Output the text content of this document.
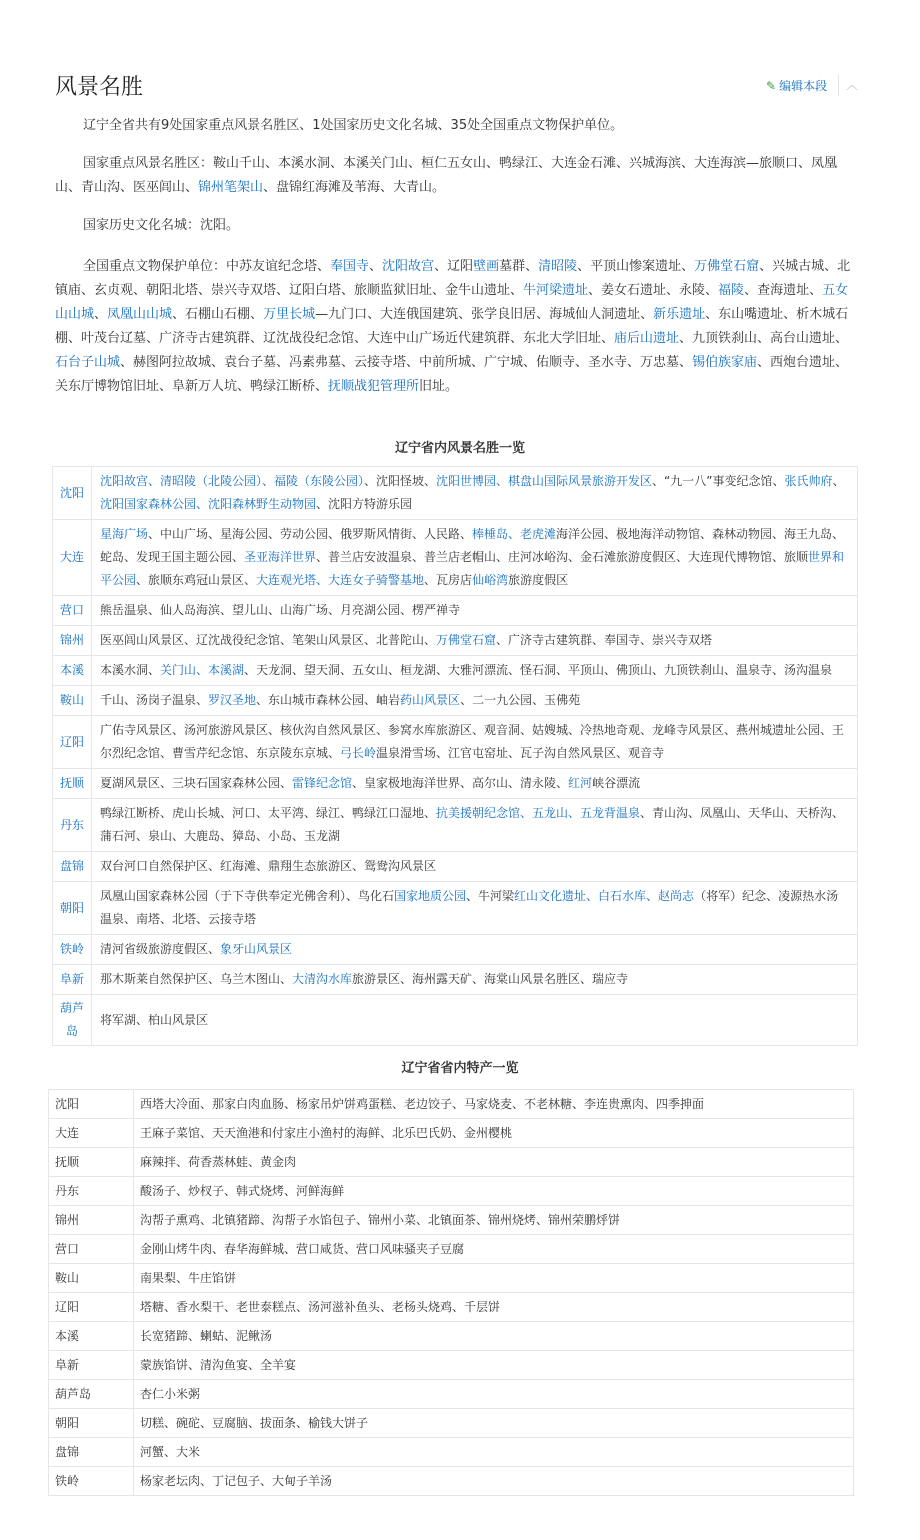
风景名胜	✎ 编辑本段 ︿
辽宁全省共有9处国家重点风景名胜区、1处国家历史文化名城、35处全国重点文物保护单位。
国家重点风景名胜区：鞍山千山、本溪水洞、本溪关门山、桓仁五女山、鸭绿江、大连金石滩、兴城海滨、大连海滨—旅顺口、凤凰山、青山沟、医巫闾山、锦州笔架山、盘锦红海滩及苇海、大青山。
国家历史文化名城：沈阳。
全国重点文物保护单位：中苏友谊纪念塔、奉国寺、沈阳故宫、辽阳壁画墓群、清昭陵、平顶山惨案遗址、万佛堂石窟、兴城古城、北镇庙、玄贞观、朝阳北塔、崇兴寺双塔、辽阳白塔、旅顺监狱旧址、金牛山遗址、牛河梁遗址、姜女石遗址、永陵、福陵、查海遗址、五女山山城、凤凰山山城、石棚山石棚、万里长城—九门口、大连俄国建筑、张学良旧居、海城仙人洞遗址、新乐遗址、东山嘴遗址、析木城石棚、叶茂台辽墓、广济寺古建筑群、辽沈战役纪念馆、大连中山广场近代建筑群、东北大学旧址、庙后山遗址、九顶铁刹山、高台山遗址、石台子山城、赫图阿拉故城、袁台子墓、冯素弗墓、云接寺塔、中前所城、广宁城、佑顺寺、圣水寺、万忠墓、锡伯族家庙、西炮台遗址、关东厅博物馆旧址、阜新万人坑、鸭绿江断桥、抚顺战犯管理所旧址。
辽宁省内风景名胜一览
沈阳	沈阳故宫、清昭陵（北陵公园）、福陵（东陵公园）、沈阳怪坡、沈阳世博园、棋盘山国际风景旅游开发区、“九一八”事变纪念馆、张氏帅府、沈阳国家森林公园、沈阳森林野生动物园、沈阳方特游乐园
大连	星海广场、中山广场、星海公园、劳动公园、俄罗斯风情街、人民路、棒棰岛、老虎滩海洋公园、极地海洋动物馆、森林动物园、海王九岛、蛇岛、发现王国主题公园、圣亚海洋世界、普兰店安波温泉、普兰店老帽山、庄河冰峪沟、金石滩旅游度假区、大连现代博物馆、旅顺世界和平公园、旅顺东鸡冠山景区、大连观光塔、大连女子骑警基地、瓦房店仙峪湾旅游度假区
营口	熊岳温泉、仙人岛海滨、望儿山、山海广场、月亮湖公园、楞严禅寺
锦州	医巫闾山风景区、辽沈战役纪念馆、笔架山风景区、北普陀山、万佛堂石窟、广济寺古建筑群、奉国寺、崇兴寺双塔
本溪	本溪水洞、关门山、本溪湖、天龙洞、望天洞、五女山、桓龙湖、大雅河漂流、怪石洞、平顶山、佛顶山、九顶铁刹山、温泉寺、汤沟温泉
鞍山	千山、汤岗子温泉、罗汉圣地、东山城市森林公园、岫岩药山风景区、二一九公园、玉佛苑
辽阳	广佑寺风景区、汤河旅游风景区、核伙沟自然风景区、参窝水库旅游区、观音洞、姑嫂城、冷热地奇观、龙峰寺风景区、燕州城遗址公园、王尔烈纪念馆、曹雪芹纪念馆、东京陵东京城、弓长岭温泉滑雪场、江官屯窑址、瓦子沟自然风景区、观音寺
抚顺	夏湖风景区、三块石国家森林公园、雷锋纪念馆、皇家极地海洋世界、高尔山、清永陵、红河峡谷漂流
丹东	鸭绿江断桥、虎山长城、河口、太平湾、绿江、鸭绿江口湿地、抗美援朝纪念馆、五龙山、五龙背温泉、青山沟、凤凰山、天华山、天桥沟、蒲石河、泉山、大鹿岛、獐岛、小岛、玉龙湖
盘锦	双台河口自然保护区、红海滩、鼎翔生态旅游区、鸳鸯沟风景区
朝阳	凤凰山国家森林公园（于下寺供奉定光佛舍利）、鸟化石国家地质公园、牛河梁红山文化遗址、白石水库、赵尚志（将军）纪念、凌源热水汤温泉、南塔、北塔、云接寺塔
铁岭	清河省级旅游度假区、象牙山风景区
阜新	那木斯莱自然保护区、乌兰木图山、大清沟水库旅游景区、海州露天矿、海棠山风景名胜区、瑞应寺
葫芦岛	将军湖、柏山风景区
辽宁省省内特产一览
沈阳	西塔大冷面、那家白肉血肠、杨家吊炉饼鸡蛋糕、老边饺子、马家烧麦、不老林糖、李连贵熏肉、四季抻面
大连	王麻子菜馆、天天渔港和付家庄小渔村的海鲜、北乐巴氏奶、金州樱桃
抚顺	麻辣拌、荷香蒸林蛙、黄金肉
丹东	酸汤子、炒杈子、韩式烧烤、河鲜海鲜
锦州	沟帮子熏鸡、北镇猪蹄、沟帮子水馅包子、锦州小菜、北镇面茶、锦州烧烤、锦州荣鹏烀饼
营口	金刚山烤牛肉、春华海鲜城、营口咸货、营口风味骚夹子豆腐
鞍山	南果梨、牛庄馅饼
辽阳	塔糖、香水梨干、老世泰糕点、汤河滋补鱼头、老杨头烧鸡、千层饼
本溪	长宽猪蹄、蝲蛄、泥鳅汤
阜新	蒙族馅饼、清沟鱼宴、全羊宴
葫芦岛	杏仁小米粥
朝阳	切糕、碗砣、豆腐脑、拔面条、榆钱大饼子
盘锦	河蟹、大米
铁岭	杨家老坛肉、丁记包子、大甸子羊汤
